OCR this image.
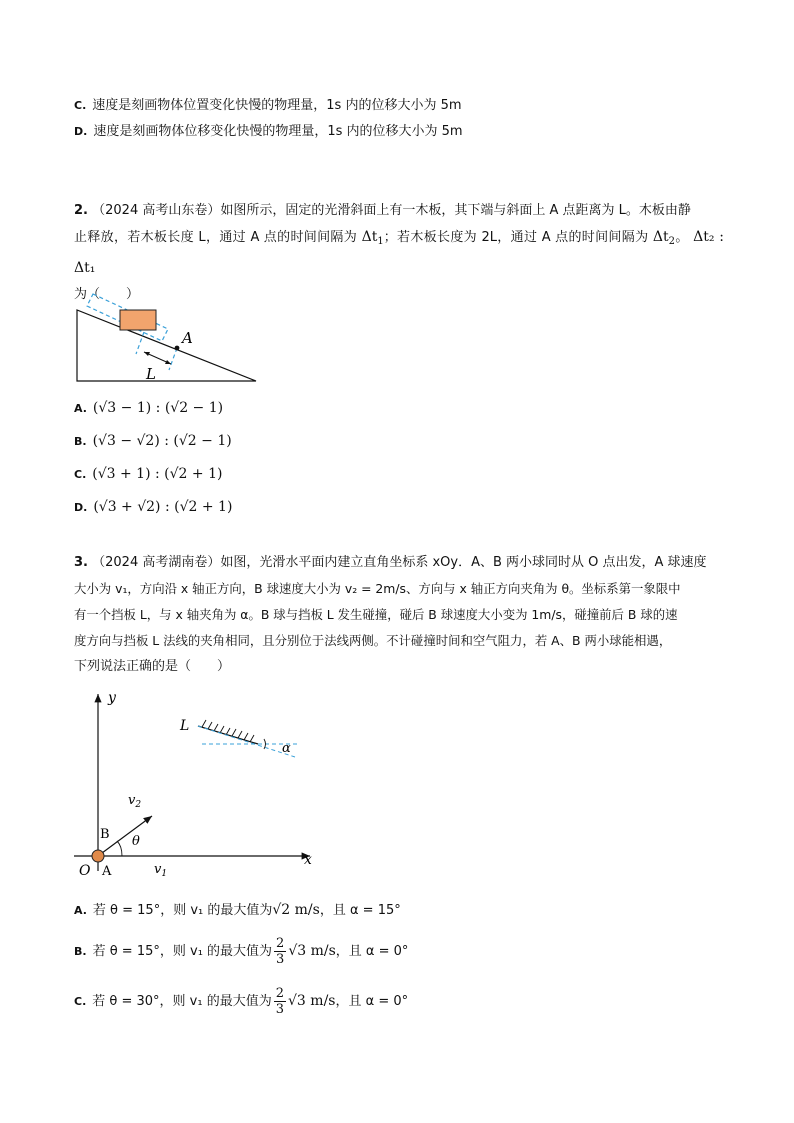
C. 速度是刻画物体位置变化快慢的物理量，1s 内的位移大小为 5m
D. 速度是刻画物体位移变化快慢的物理量，1s 内的位移大小为 5m
2. （2024 高考山东卷）如图所示，固定的光滑斜面上有一木板，其下端与斜面上 A 点距离为 L。木板由静
止释放，若木板长度 L，通过 A 点的时间间隔为 $\Delta t_1$；若木板长度为 2L，通过 A 点的时间间隔为 $\Delta t_2$。 Δt₂ : Δt₁
为（　　）
A
L
A. (√3 − 1) : (√2 − 1)
B. (√3 − √2) : (√2 − 1)
C. (√3 + 1) : (√2 + 1)
D. (√3 + √2) : (√2 + 1)
3. （2024 高考湖南卷）如图，光滑水平面内建立直角坐标系 xOy．A、B 两小球同时从 O 点出发，A 球速度
大小为 v₁，方向沿 x 轴正方向，B 球速度大小为 v₂ = 2m/s、方向与 x 轴正方向夹角为 θ。坐标系第一象限中
有一个挡板 L，与 x 轴夹角为 α。B 球与挡板 L 发生碰撞，碰后 B 球速度大小变为 1m/s，碰撞前后 B 球的速
度方向与挡板 L 法线的夹角相同，且分别位于法线两侧。不计碰撞时间和空气阻力，若 A、B 两小球能相遇，
下列说法正确的是（　　）
y
x
L
α
θ
$v_2$
$v_1$
B
A
O
A. 若 θ = 15°，则 v₁ 的最大值为√2 m/s，且 α = 15°
B. 若 θ = 15°，则 v₁ 的最大值为 $\frac{2}{3} √3$ m/s，且 α = 0°
C. 若 θ = 30°，则 v₁ 的最大值为 $\frac{2}{3} √3$ m/s，且 α = 0°
